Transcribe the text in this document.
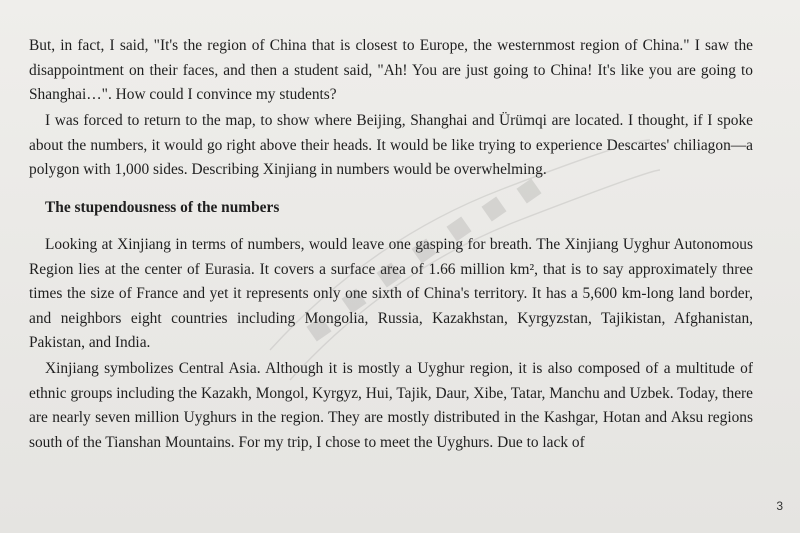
But, in fact, I said, "It's the region of China that is closest to Europe, the westernmost region of China." I saw the disappointment on their faces, and then a student said, "Ah! You are just going to China! It's like you are going to Shanghai…". How could I convince my students?

I was forced to return to the map, to show where Beijing, Shanghai and Ürümqi are located. I thought, if I spoke about the numbers, it would go right above their heads. It would be like trying to experience Descartes' chiliagon—a polygon with 1,000 sides. Describing Xinjiang in numbers would be overwhelming.

The stupendousness of the numbers

Looking at Xinjiang in terms of numbers, would leave one gasping for breath. The Xinjiang Uyghur Autonomous Region lies at the center of Eurasia. It covers a surface area of 1.66 million km², that is to say approximately three times the size of France and yet it represents only one sixth of China's territory. It has a 5,600 km-long land border, and neighbors eight countries including Mongolia, Russia, Kazakhstan, Kyrgyzstan, Tajikistan, Afghanistan, Pakistan, and India.

Xinjiang symbolizes Central Asia. Although it is mostly a Uyghur region, it is also composed of a multitude of ethnic groups including the Kazakh, Mongol, Kyrgyz, Hui, Tajik, Daur, Xibe, Tatar, Manchu and Uzbek. Today, there are nearly seven million Uyghurs in the region. They are mostly distributed in the Kashgar, Hotan and Aksu regions south of the Tianshan Mountains. For my trip, I chose to meet the Uyghurs. Due to lack of

3
